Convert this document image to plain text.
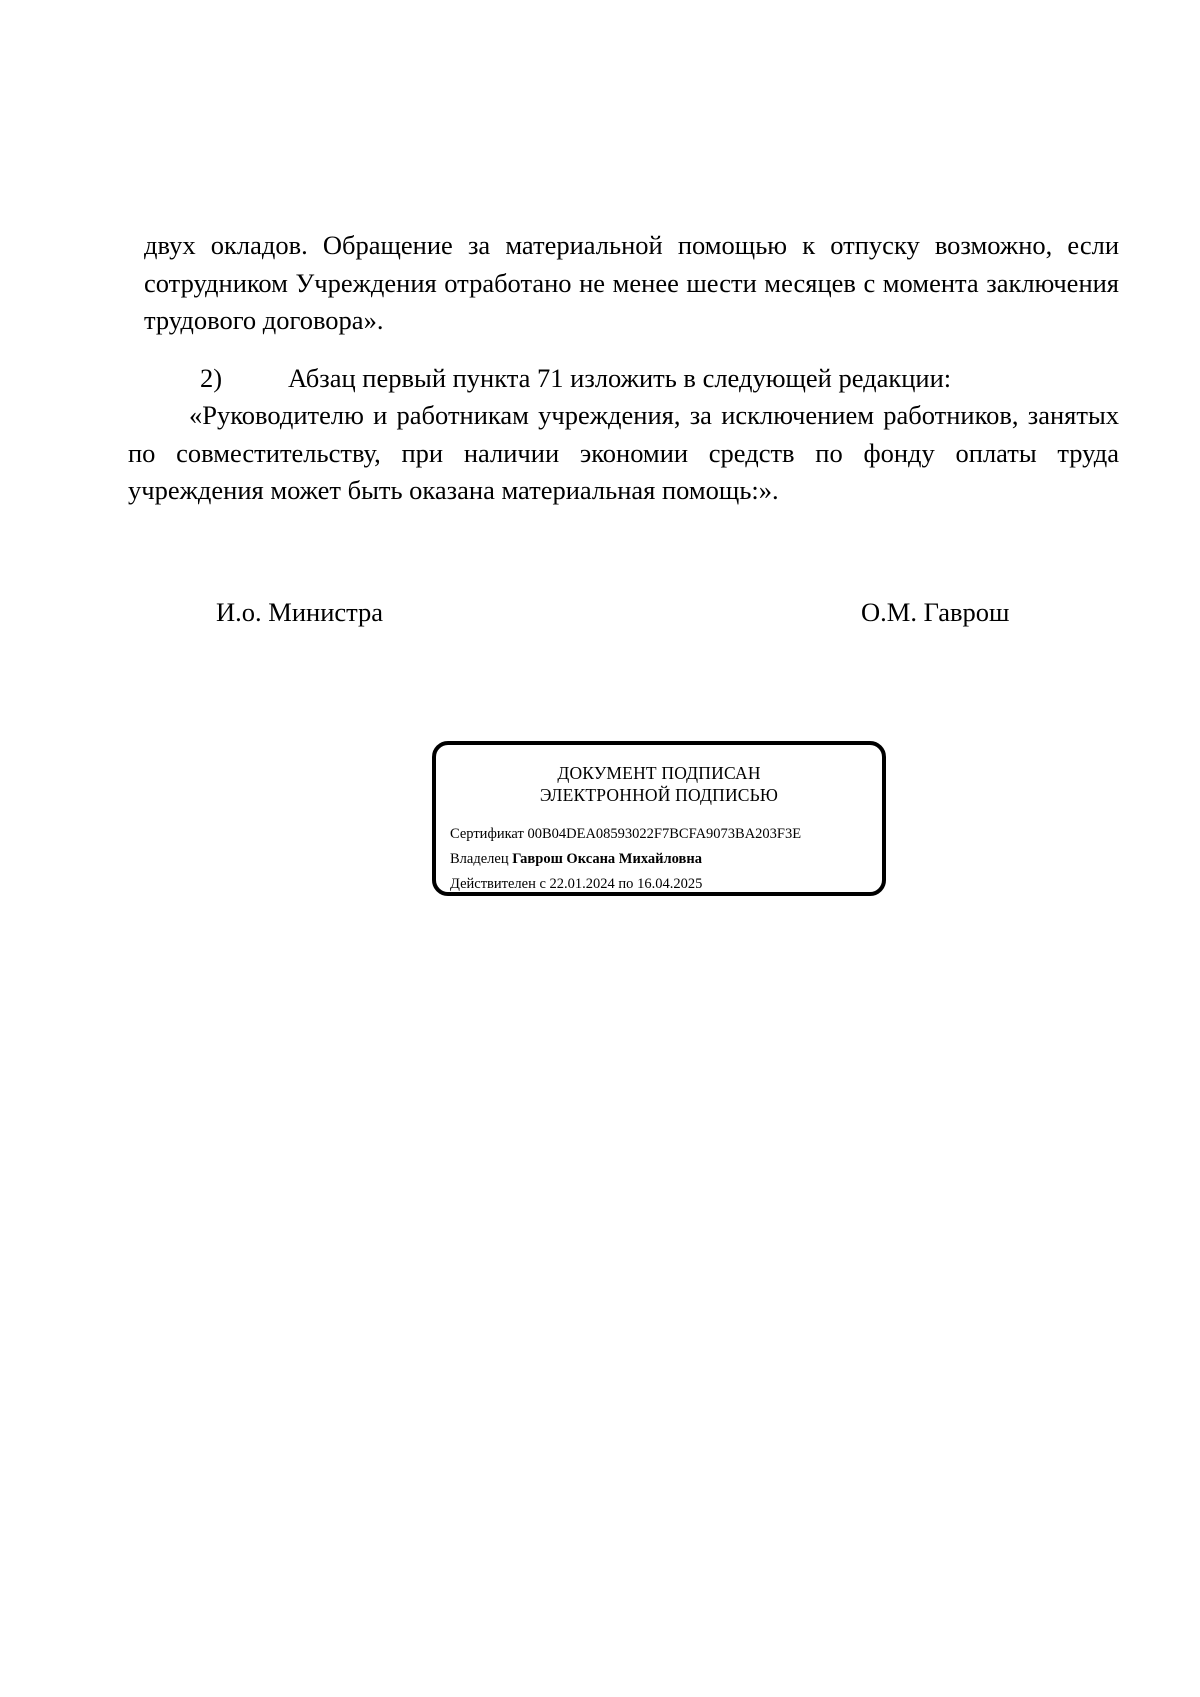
двух окладов. Обращение за материальной помощью к отпуску возможно, если сотрудником Учреждения отработано не менее шести месяцев с момента заключения трудового договора».

2) Абзац первый пункта 71 изложить в следующей редакции:

«Руководителю и работникам учреждения, за исключением работников, занятых по совместительству, при наличии экономии средств по фонду оплаты труда учреждения может быть оказана материальная помощь:».

И.о. Министра	О.М. Гаврош
ДОКУМЕНТ ПОДПИСАН
ЭЛЕКТРОННОЙ ПОДПИСЬЮ
Сертификат 00B04DEA08593022F7BCFA9073BA203F3E
Владелец Гаврош Оксана Михайловна
Действителен с 22.01.2024 по 16.04.2025
